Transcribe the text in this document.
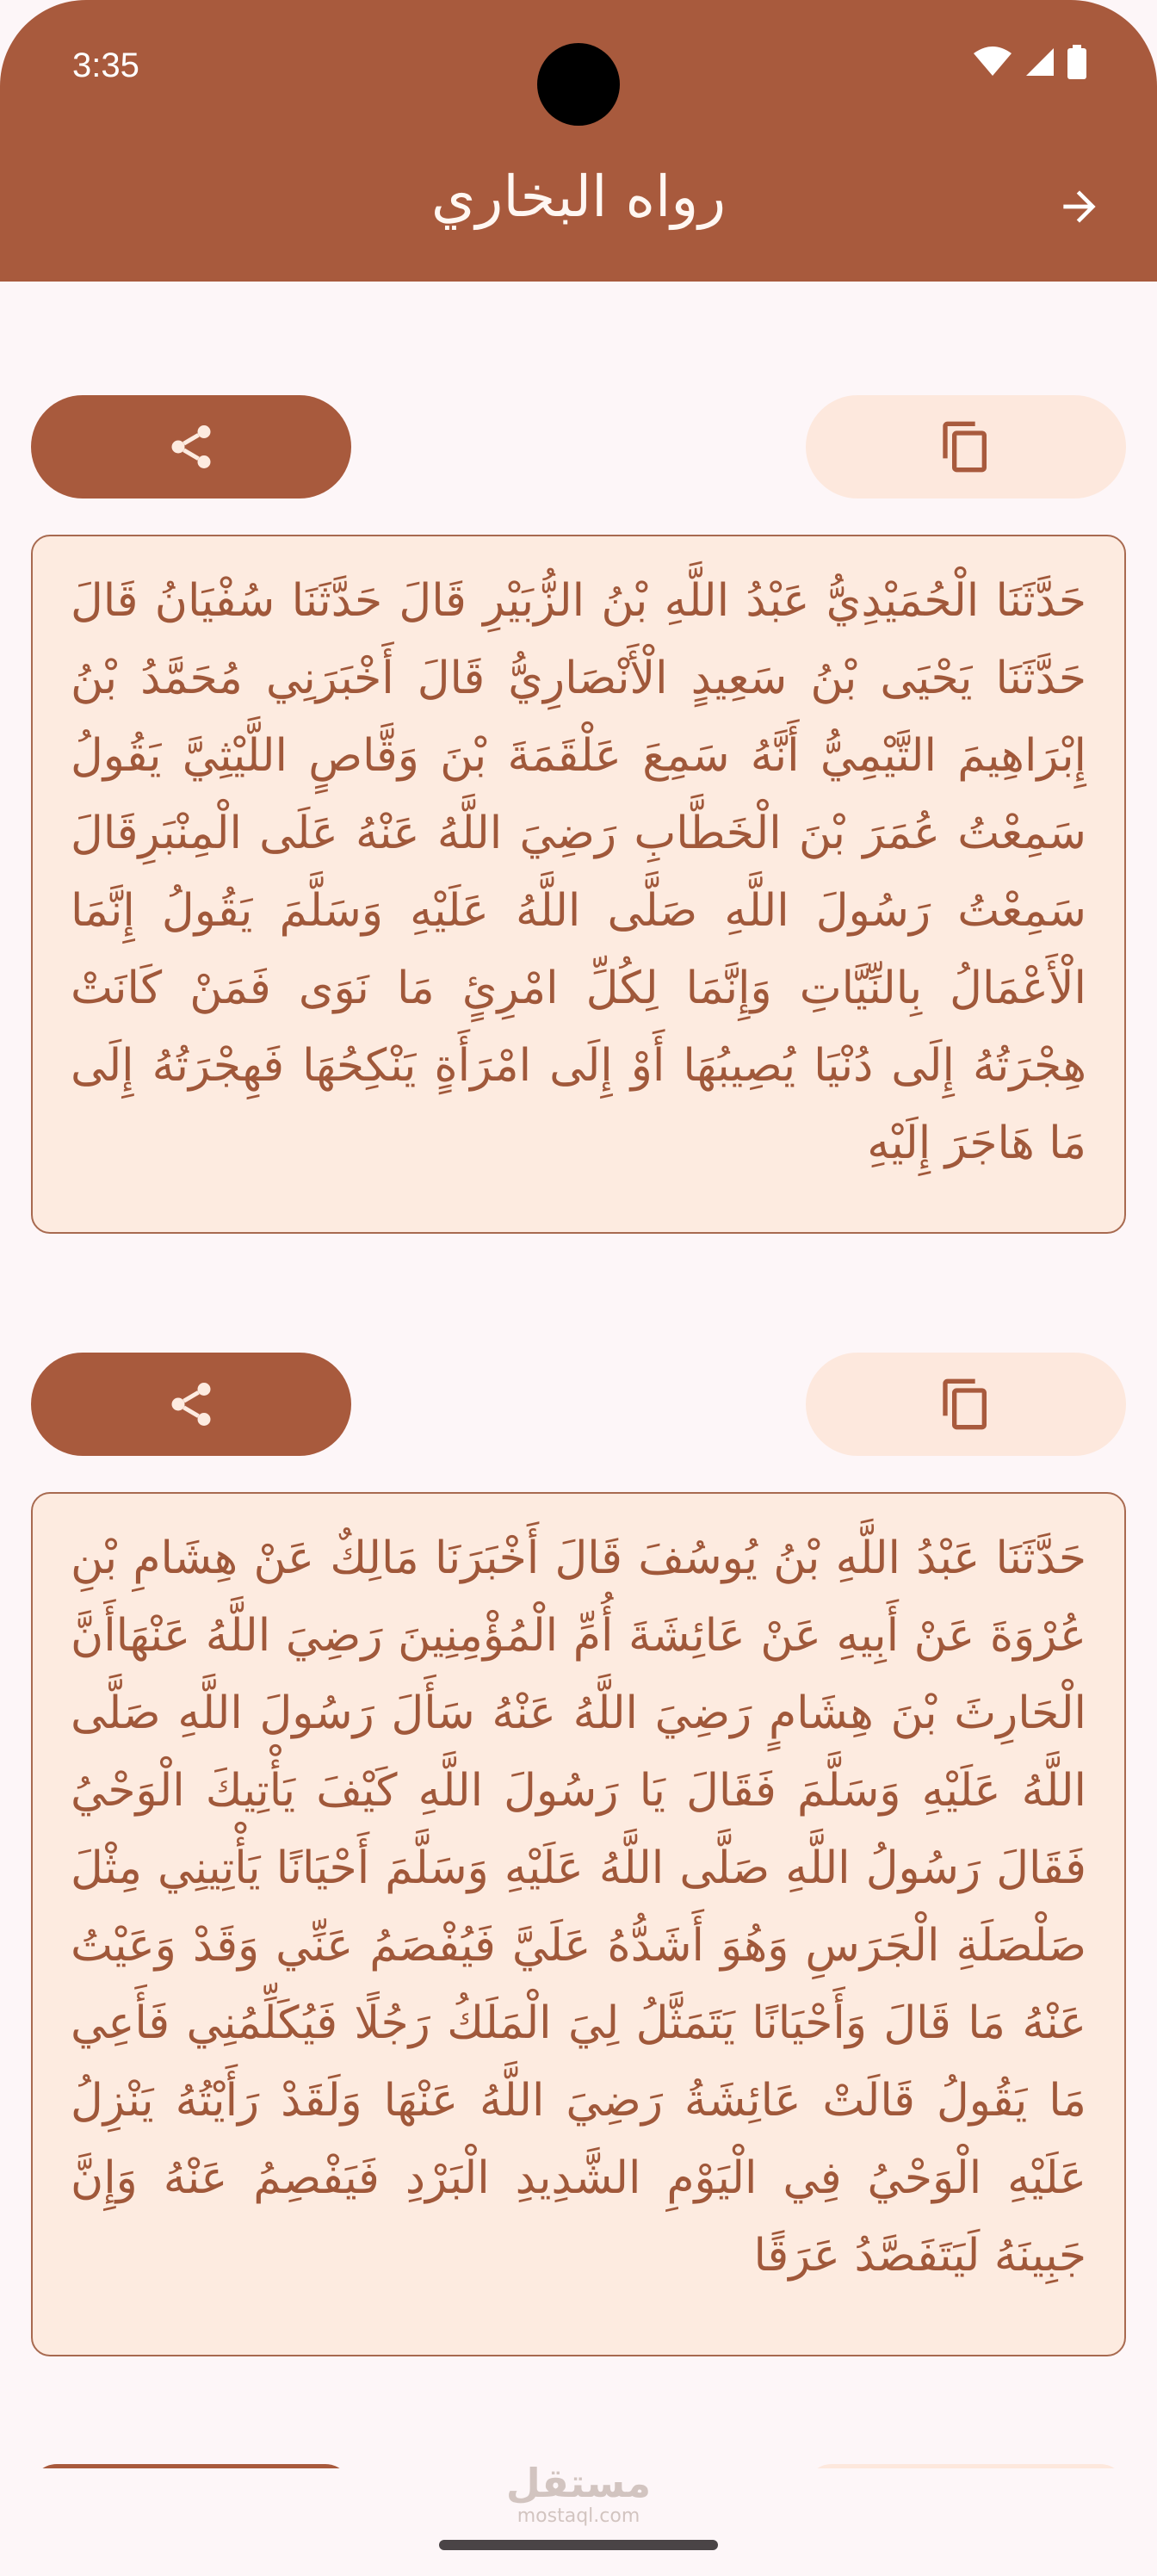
3:35
رواه البخاري
حَدَّثَنَا الْحُمَيْدِيُّ عَبْدُ اللَّهِ بْنُ الزُّبَيْرِ قَالَ حَدَّثَنَا سُفْيَانُ قَالَ حَدَّثَنَا يَحْيَى بْنُ سَعِيدٍ الْأَنْصَارِيُّ قَالَ أَخْبَرَنِي مُحَمَّدُ بْنُ إِبْرَاهِيمَ التَّيْمِيُّ أَنَّهُ سَمِعَ عَلْقَمَةَ بْنَ وَقَّاصٍ اللَّيْثِيَّ يَقُولُ سَمِعْتُ عُمَرَ بْنَ الْخَطَّابِ رَضِيَ اللَّهُ عَنْهُ عَلَى الْمِنْبَرِقَالَ سَمِعْتُ رَسُولَ اللَّهِ صَلَّى اللَّهُ عَلَيْهِ وَسَلَّمَ يَقُولُ إِنَّمَا الْأَعْمَالُ بِالنِّيَّاتِ وَإِنَّمَا لِكُلِّ امْرِئٍ مَا نَوَى فَمَنْ كَانَتْ هِجْرَتُهُ إِلَى دُنْيَا يُصِيبُهَا أَوْ إِلَى امْرَأَةٍ يَنْكِحُهَا فَهِجْرَتُهُ إِلَى مَا هَاجَرَ إِلَيْهِ
حَدَّثَنَا عَبْدُ اللَّهِ بْنُ يُوسُفَ قَالَ أَخْبَرَنَا مَالِكٌ عَنْ هِشَامِ بْنِ عُرْوَةَ عَنْ أَبِيهِ عَنْ عَائِشَةَ أُمِّ الْمُؤْمِنِينَ رَضِيَ اللَّهُ عَنْهَاأَنَّ الْحَارِثَ بْنَ هِشَامٍ رَضِيَ اللَّهُ عَنْهُ سَأَلَ رَسُولَ اللَّهِ صَلَّى اللَّهُ عَلَيْهِ وَسَلَّمَ فَقَالَ يَا رَسُولَ اللَّهِ كَيْفَ يَأْتِيكَ الْوَحْيُ فَقَالَ رَسُولُ اللَّهِ صَلَّى اللَّهُ عَلَيْهِ وَسَلَّمَ أَحْيَانًا يَأْتِينِي مِثْلَ صَلْصَلَةِ الْجَرَسِ وَهُوَ أَشَدُّهُ عَلَيَّ فَيُفْصَمُ عَنِّي وَقَدْ وَعَيْتُ عَنْهُ مَا قَالَ وَأَحْيَانًا يَتَمَثَّلُ لِيَ الْمَلَكُ رَجُلًا فَيُكَلِّمُنِي فَأَعِي مَا يَقُولُ قَالَتْ عَائِشَةُ رَضِيَ اللَّهُ عَنْهَا وَلَقَدْ رَأَيْتُهُ يَنْزِلُ عَلَيْهِ الْوَحْيُ فِي الْيَوْمِ الشَّدِيدِ الْبَرْدِ فَيَفْصِمُ عَنْهُ وَإِنَّ جَبِينَهُ لَيَتَفَصَّدُ عَرَقًا
مستقل
mostaql.com
